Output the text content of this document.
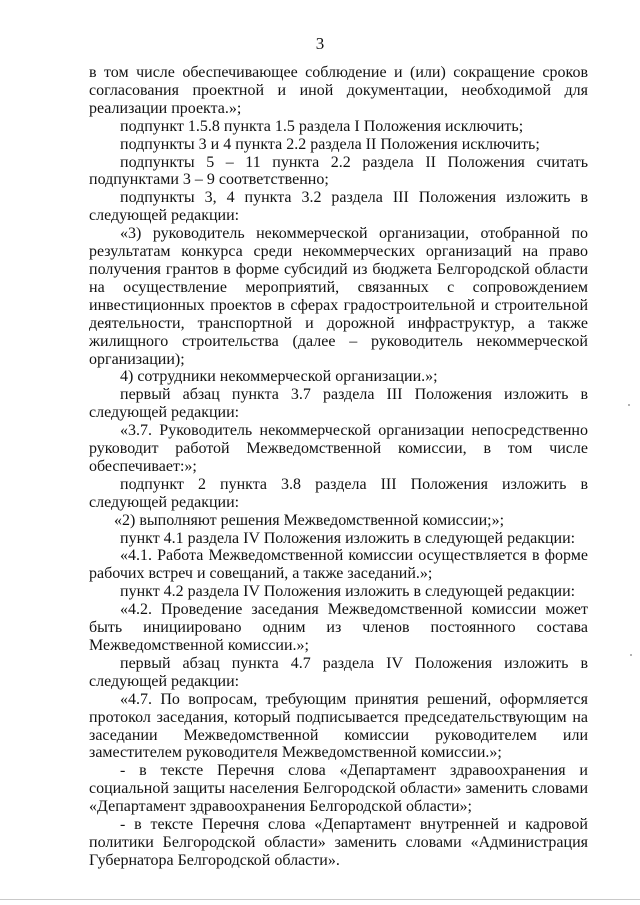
3

в том числе обеспечивающее соблюдение и (или) сокращение сроков согласования проектной и иной документации, необходимой для реализации проекта.»;

подпункт 1.5.8 пункта 1.5 раздела I Положения исключить;

подпункты 3 и 4 пункта 2.2 раздела II Положения исключить;

подпункты 5 – 11 пункта 2.2 раздела II Положения считать подпунктами 3 – 9 соответственно;

подпункты 3, 4 пункта 3.2 раздела III Положения изложить в следующей редакции:

«3) руководитель некоммерческой организации, отобранной по результатам конкурса среди некоммерческих организаций на право получения грантов в форме субсидий из бюджета Белгородской области на осуществление мероприятий, связанных с сопровождением инвестиционных проектов в сферах градостроительной и строительной деятельности, транспортной и дорожной инфраструктур, а также жилищного строительства (далее – руководитель некоммерческой организации);

4) сотрудники некоммерческой организации.»;

первый абзац пункта 3.7 раздела III Положения изложить в следующей редакции:

«3.7. Руководитель некоммерческой организации непосредственно руководит работой Межведомственной комиссии, в том числе обеспечивает:»;

подпункт 2 пункта 3.8 раздела III Положения изложить в следующей редакции:

«2) выполняют решения Межведомственной комиссии;»;

пункт 4.1 раздела IV Положения изложить в следующей редакции:

«4.1. Работа Межведомственной комиссии осуществляется в форме рабочих встреч и совещаний, а также заседаний.»;

пункт 4.2 раздела IV Положения изложить в следующей редакции:

«4.2. Проведение заседания Межведомственной комиссии может быть инициировано одним из членов постоянного состава Межведомственной комиссии.»;

первый абзац пункта 4.7 раздела IV Положения изложить в следующей редакции:

«4.7. По вопросам, требующим принятия решений, оформляется протокол заседания, который подписывается председательствующим на заседании Межведомственной комиссии руководителем или заместителем руководителя Межведомственной комиссии.»;

- в тексте Перечня слова «Департамент здравоохранения и социальной защиты населения Белгородской области» заменить словами «Департамент здравоохранения Белгородской области»;

- в тексте Перечня слова «Департамент внутренней и кадровой политики Белгородской области» заменить словами «Администрация Губернатора Белгородской области».
